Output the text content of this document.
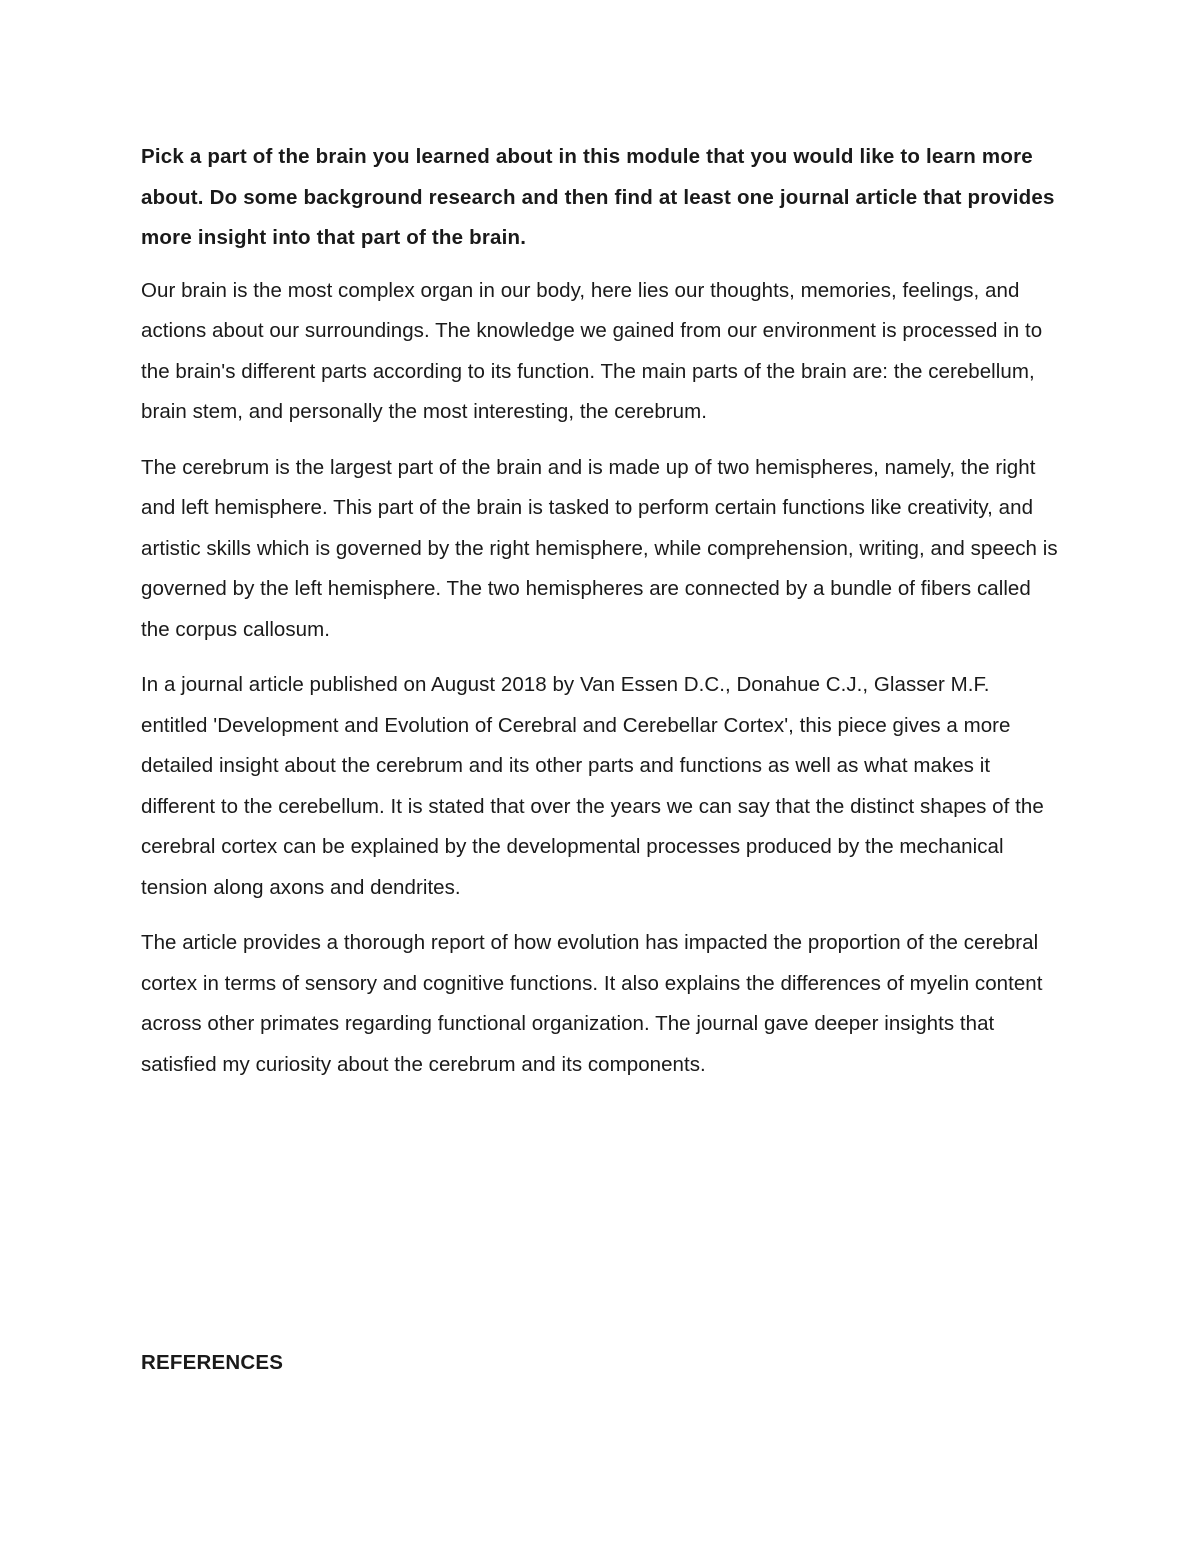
Pick a part of the brain you learned about in this module that you would like to learn more about. Do some background research and then find at least one journal article that provides more insight into that part of the brain.

Our brain is the most complex organ in our body, here lies our thoughts, memories, feelings, and actions about our surroundings. The knowledge we gained from our environment is processed in to the brain's different parts according to its function. The main parts of the brain are: the cerebellum, brain stem, and personally the most interesting, the cerebrum.

The cerebrum is the largest part of the brain and is made up of two hemispheres, namely, the right and left hemisphere. This part of the brain is tasked to perform certain functions like creativity, and artistic skills which is governed by the right hemisphere, while comprehension, writing, and speech is governed by the left hemisphere. The two hemispheres are connected by a bundle of fibers called the corpus callosum.

In a journal article published on August 2018 by Van Essen D.C., Donahue C.J., Glasser M.F. entitled 'Development and Evolution of Cerebral and Cerebellar Cortex', this piece gives a more detailed insight about the cerebrum and its other parts and functions as well as what makes it different to the cerebellum. It is stated that over the years we can say that the distinct shapes of the cerebral cortex can be explained by the developmental processes produced by the mechanical tension along axons and dendrites.

The article provides a thorough report of how evolution has impacted the proportion of the cerebral cortex in terms of sensory and cognitive functions. It also explains the differences of myelin content across other primates regarding functional organization. The journal gave deeper insights that satisfied my curiosity about the cerebrum and its components.

REFERENCES
